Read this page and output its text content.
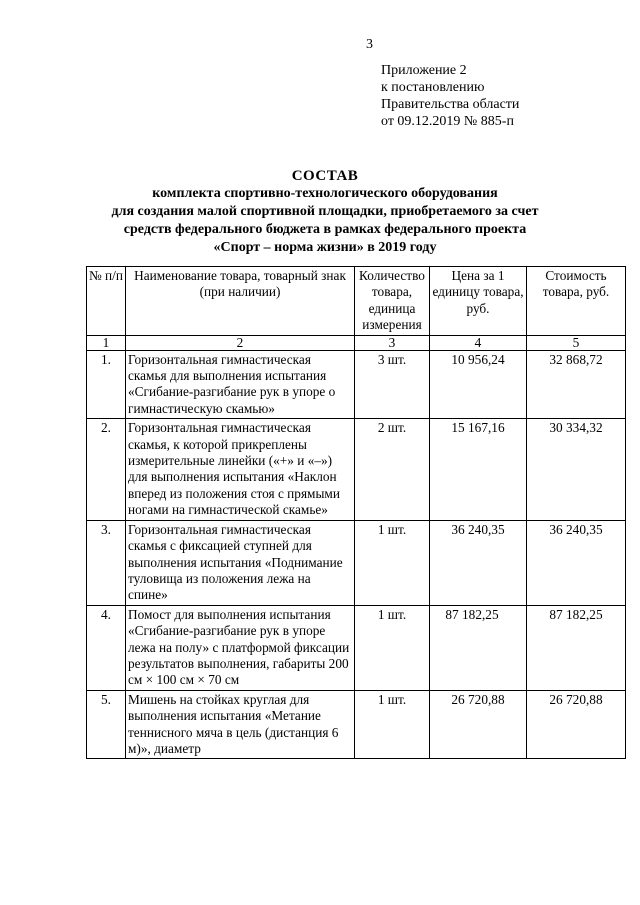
3
Приложение 2
к постановлению
Правительства области
от 09.12.2019 № 885-п
СОСТАВ
комплекта спортивно-технологического оборудования
для создания малой спортивной площадки, приобретаемого за счет
средств федерального бюджета в рамках федерального проекта
«Спорт – норма жизни» в 2019 году
№ п/п	Наименование товара, товарный знак (при наличии)	Количество товара, единица измерения	Цена за 1 единицу товара, руб.	Стоимость товара, руб.
1	2	3	4	5
1.	Горизонтальная гимнастическая скамья для выполнения испытания «Сгибание-разгибание рук в упоре о гимнастическую скамью»	3 шт.	10 956,24	32 868,72
2.	Горизонтальная гимнастическая скамья, к которой прикреплены измерительные линейки («+» и «–») для выполнения испытания «Наклон вперед из положения стоя с прямыми ногами на гимнастической скамье»	2 шт.	15 167,16	30 334,32
3.	Горизонтальная гимнастическая скамья с фиксацией ступней для выполнения испытания «Поднимание туловища из положения лежа на спине»	1 шт.	36 240,35	36 240,35
4.	Помост для выполнения испытания «Сгибание-разгибание рук в упоре лежа на полу» с платформой фиксации результатов выполнения, габариты 200 см × 100 см × 70 см	1 шт.	87 182,25	87 182,25
5.	Мишень на стойках круглая для выполнения испытания «Метание теннисного мяча в цель (дистанция 6 м)», диаметр	1 шт.	26 720,88	26 720,88
